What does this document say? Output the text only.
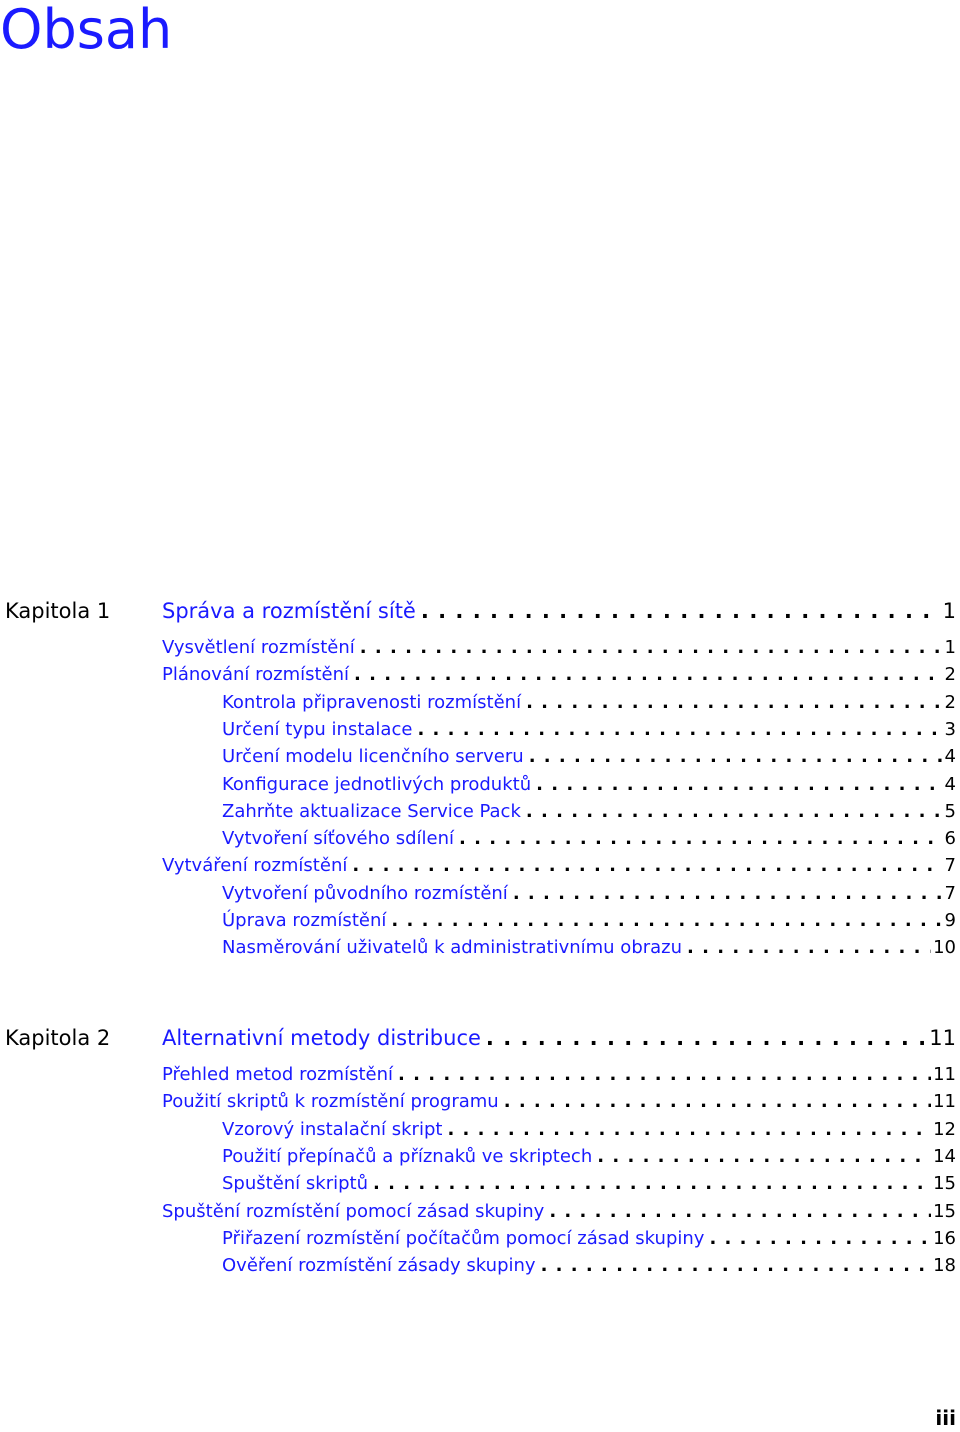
Obsah
Kapitola 1 Správa a rozmístění sítě . . .	1
Vysvětlení rozmístění . . .	1
Plánování rozmístění . . .	2
Kontrola připravenosti rozmístění . . .	2
Určení typu instalace . . .	3
Určení modelu licenčního serveru . . .	4
Konfigurace jednotlivých produktů . . .	4
Zahrňte aktualizace Service Pack . . .	5
Vytvoření síťového sdílení . . .	6
Vytváření rozmístění . . .	7
Vytvoření původního rozmístění . . .	7
Úprava rozmístění . . .	9
Nasměrování uživatelů k administrativnímu obrazu . . .	10
Kapitola 2 Alternativní metody distribuce . . .	11
Přehled metod rozmístění . . .	11
Použití skriptů k rozmístění programu . . .	11
Vzorový instalační skript . . .	12
Použití přepínačů a příznaků ve skriptech . . .	14
Spuštění skriptů . . .	15
Spuštění rozmístění pomocí zásad skupiny . . .	15
Přiřazení rozmístění počítačům pomocí zásad skupiny . . .	16
Ověření rozmístění zásady skupiny . . .	18
iii
